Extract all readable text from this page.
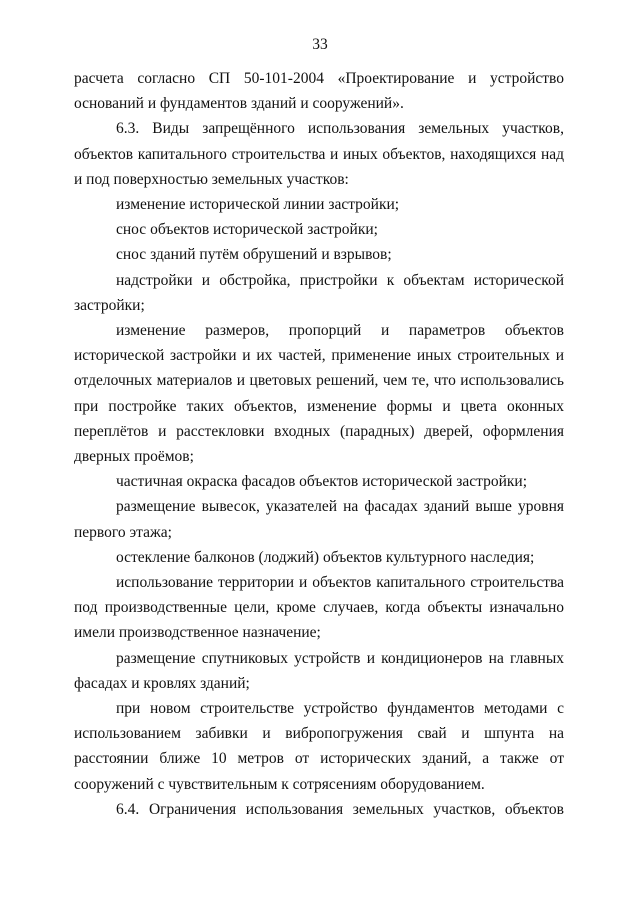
33

расчета согласно СП 50-101-2004 «Проектирование и устройство оснований и фундаментов зданий и сооружений».

6.3. Виды запрещённого использования земельных участков, объектов капитального строительства и иных объектов, находящихся над и под поверхностью земельных участков:

изменение исторической линии застройки;

снос объектов исторической застройки;

снос зданий путём обрушений и взрывов;

надстройки и обстройка, пристройки к объектам исторической застройки;

изменение размеров, пропорций и параметров объектов исторической застройки и их частей, применение иных строительных и отделочных материалов и цветовых решений, чем те, что использовались при постройке таких объектов, изменение формы и цвета оконных переплётов и расстекловки входных (парадных) дверей, оформления дверных проёмов;

частичная окраска фасадов объектов исторической застройки;

размещение вывесок, указателей на фасадах зданий выше уровня первого этажа;

остекление балконов (лоджий) объектов культурного наследия;

использование территории и объектов капитального строительства под производственные цели, кроме случаев, когда объекты изначально имели производственное назначение;

размещение спутниковых устройств и кондиционеров на главных фасадах и кровлях зданий;

при новом строительстве устройство фундаментов методами с использованием забивки и вибропогружения свай и шпунта на расстоянии ближе 10 метров от исторических зданий, а также от сооружений с чувствительным к сотрясениям оборудованием.

6.4. Ограничения использования земельных участков, объектов
